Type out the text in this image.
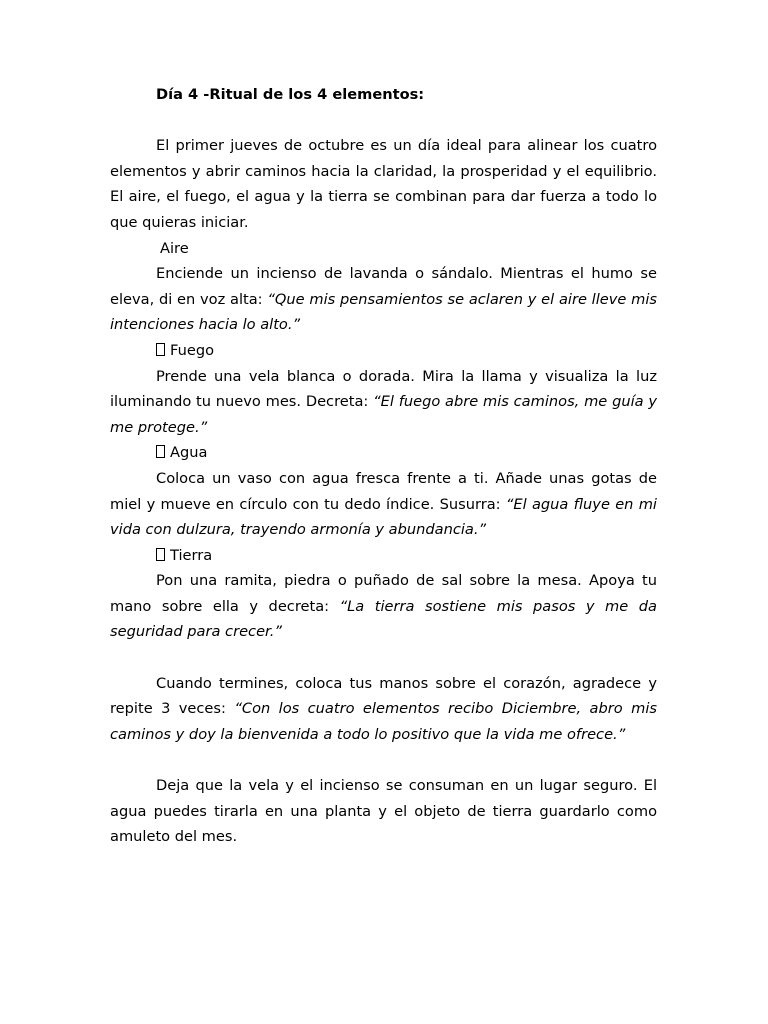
Día 4 -Ritual de los 4 elementos:

El primer jueves de octubre es un día ideal para alinear los cuatro elementos y abrir caminos hacia la claridad, la prosperidad y el equilibrio. El aire, el fuego, el agua y la tierra se combinan para dar fuerza a todo lo que quieras iniciar.

Aire

Enciende un incienso de lavanda o sándalo. Mientras el humo se eleva, di en voz alta: “Que mis pensamientos se aclaren y el aire lleve mis intenciones hacia lo alto.”

Fuego

Prende una vela blanca o dorada. Mira la llama y visualiza la luz iluminando tu nuevo mes. Decreta: “El fuego abre mis caminos, me guía y me protege.”

Agua

Coloca un vaso con agua fresca frente a ti. Añade unas gotas de miel y mueve en círculo con tu dedo índice. Susurra: “El agua fluye en mi vida con dulzura, trayendo armonía y abundancia.”

Tierra

Pon una ramita, piedra o puñado de sal sobre la mesa. Apoya tu mano sobre ella y decreta: “La tierra sostiene mis pasos y me da seguridad para crecer.”

Cuando termines, coloca tus manos sobre el corazón, agradece y repite 3 veces: “Con los cuatro elementos recibo Diciembre, abro mis caminos y doy la bienvenida a todo lo positivo que la vida me ofrece.”

Deja que la vela y el incienso se consuman en un lugar seguro. El agua puedes tirarla en una planta y el objeto de tierra guardarlo como amuleto del mes.
